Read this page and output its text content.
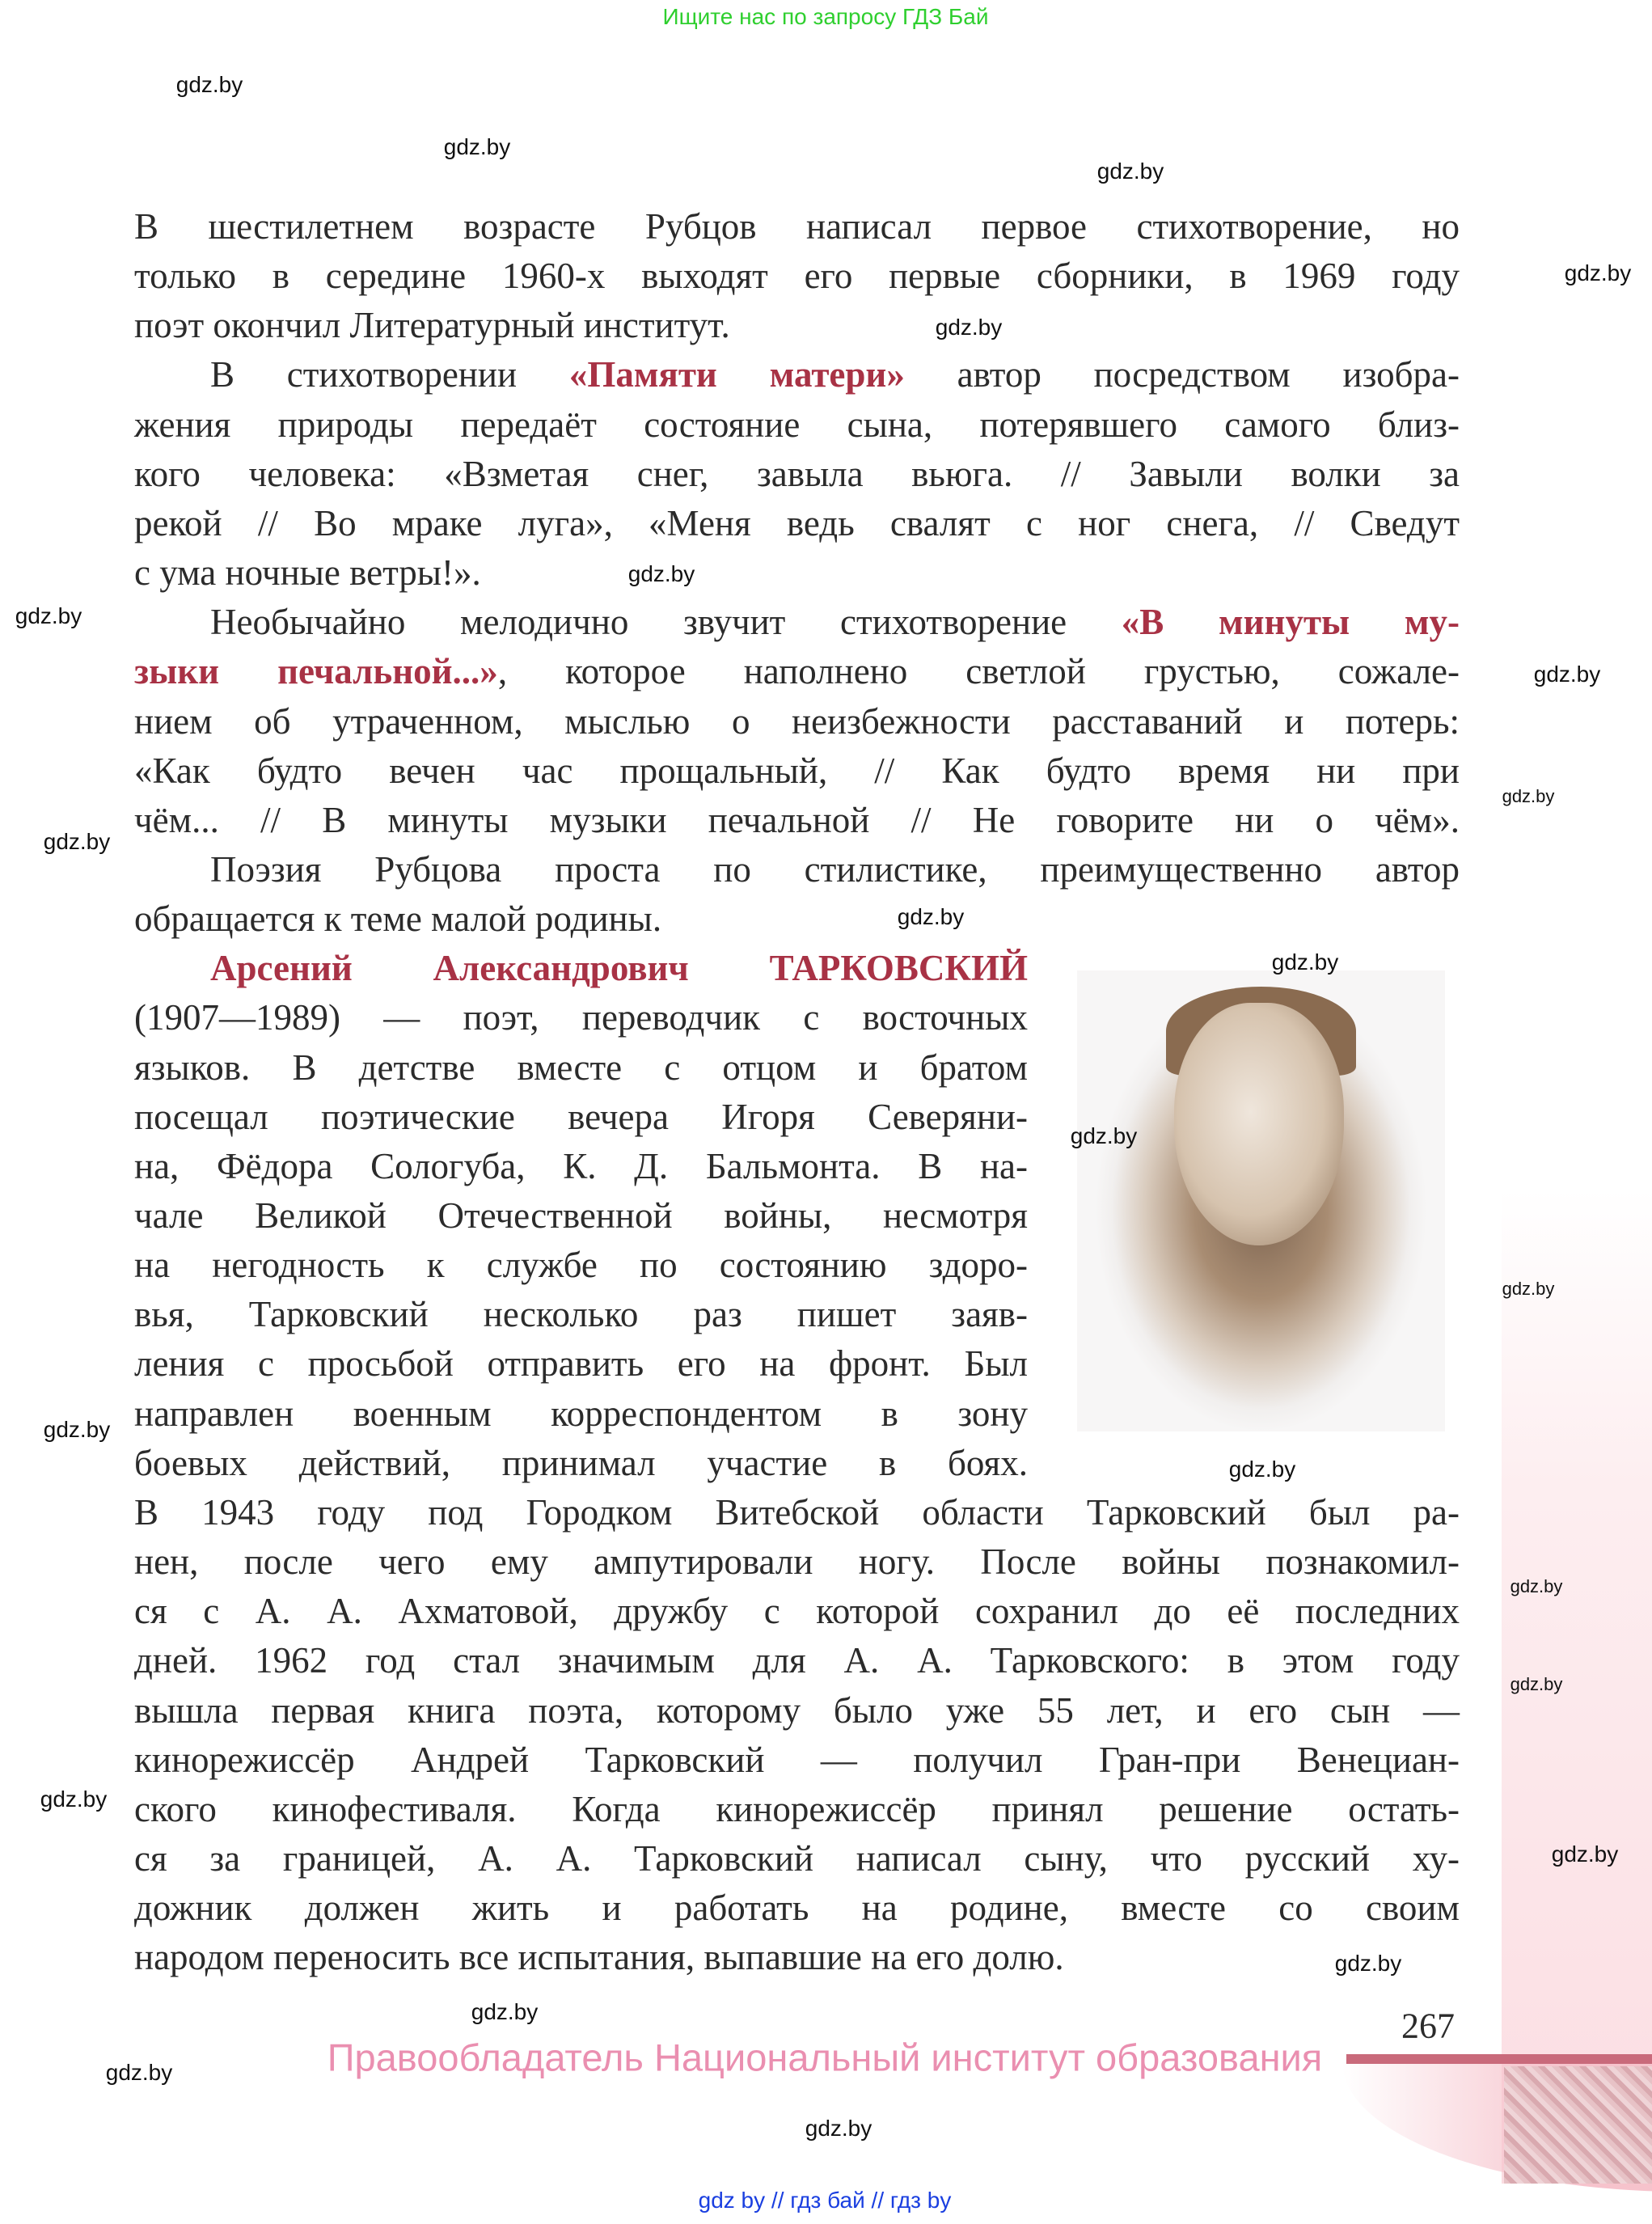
Ищите нас по запросу ГДЗ Бай
В шестилетнем возрасте Рубцов написал первое стихотворение, но
только в середине 1960-х выходят его первые сборники, в 1969 году
поэт окончил Литературный институт.
В стихотворении «Памяти матери» автор посредством изобра-
жения природы передаёт состояние сына, потерявшего самого близ-
кого человека: «Взметая снег, завыла вьюга. // Завыли волки за
рекой // Во мраке луга», «Меня ведь свалят с ног снега, // Сведут
с ума ночные ветры!».
Необычайно мелодично звучит стихотворение «В минуты му-
зыки печальной...», которое наполнено светлой грустью, сожале-
нием об утраченном, мыслью о неизбежности расставаний и потерь:
«Как будто вечен час прощальный, // Как будто время ни при
чём... // В минуты музыки печальной // Не говорите ни о чём».
Поэзия Рубцова проста по стилистике, преимущественно автор
обращается к теме малой родины.
Арсений Александрович ТАРКОВСКИЙ
(1907—1989) — поэт, переводчик с восточных
языков. В детстве вместе с отцом и братом
посещал поэтические вечера Игоря Северяни-
на, Фёдора Сологуба, К. Д. Бальмонта. В на-
чале Великой Отечественной войны, несмотря
на негодность к службе по состоянию здоро-
вья, Тарковский несколько раз пишет заяв-
ления с просьбой отправить его на фронт. Был
направлен военным корреспондентом в зону
боевых действий, принимал участие в боях.
В 1943 году под Городком Витебской области Тарковский был ра-
нен, после чего ему ампутировали ногу. После войны познакомил-
ся с А. А. Ахматовой, дружбу с которой сохранил до её последних
дней. 1962 год стал значимым для А. А. Тарковского: в этом году
вышла первая книга поэта, которому было уже 55 лет, и его сын —
кинорежиссёр Андрей Тарковский — получил Гран-при Венециан-
ского кинофестиваля. Когда кинорежиссёр принял решение остать-
ся за границей, А. А. Тарковский написал сыну, что русский ху-
дожник должен жить и работать на родине, вместе со своим
народом переносить все испытания, выпавшие на его долю.
gdz.by
gdz.by
gdz.by
gdz.by
gdz.by
gdz.by
gdz.by
gdz.by
gdz.by
gdz.by
gdz.by
gdz.by
gdz.by
gdz.by
gdz.by
gdz.by
gdz.by
gdz.by
gdz.by
gdz.by
gdz.by
gdz.by
gdz.by
gdz.by
267
Правообладатель Национальный институт образования
gdz by // гдз бай // гдз by
